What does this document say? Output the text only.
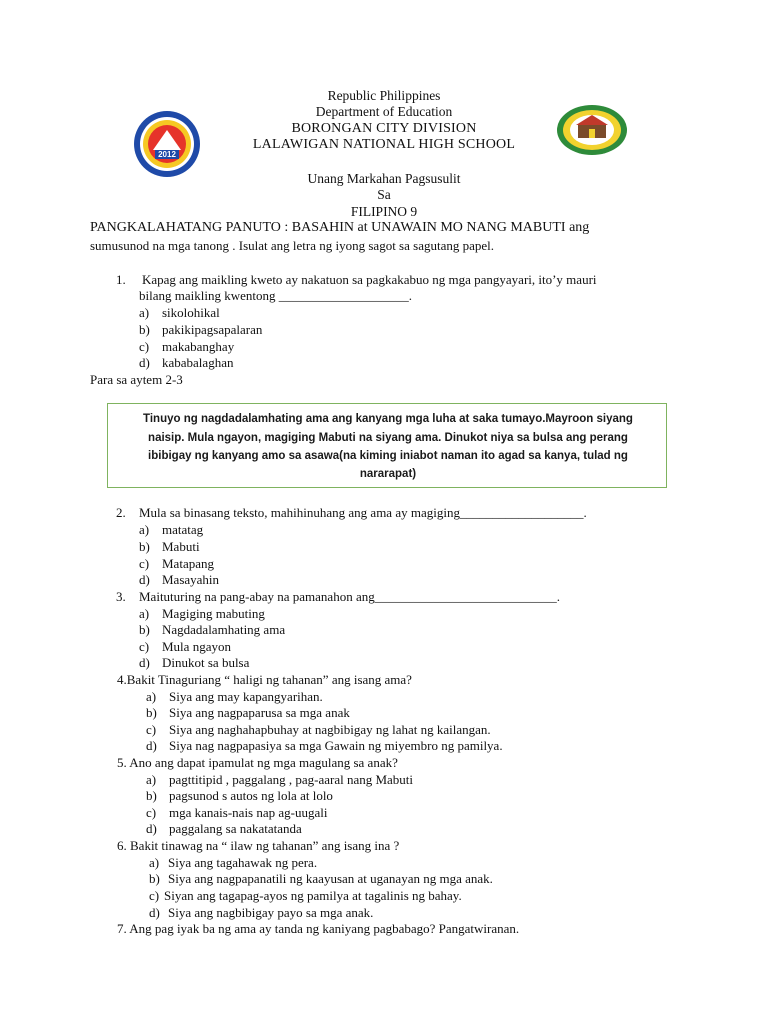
2012
Republic Philippines
Department of Education
BORONGAN CITY DIVISION
LALAWIGAN NATIONAL HIGH SCHOOL
Unang Markahan Pagsusulit
Sa
FILIPINO 9
PANGKALAHATANG PANUTO : BASAHIN at UNAWAIN MO NANG MABUTI ang
sumusunod na mga tanong . Isulat ang letra ng iyong sagot sa sagutang papel.
1. Kapag ang maikling kweto ay nakatuon sa pagkakabuo ng mga pangyayari, ito’y mauri
bilang maikling kwentong ____________________.
a) sikolohikal
b) pakikipagsapalaran
c) makabanghay
d) kababalaghan
Para sa aytem 2-3
Tinuyo ng nagdadalamhating ama ang kanyang mga luha at saka tumayo.Mayroon siyang
naisip. Mula ngayon, magiging Mabuti na siyang ama. Dinukot niya sa bulsa ang perang
ibibigay ng kanyang amo sa asawa(na kiming iniabot naman ito agad sa kanya, tulad ng
nararapat)
2. Mula sa binasang teksto, mahihinuhang ang ama ay magiging___________________.
a) matatag
b) Mabuti
c) Matapang
d) Masayahin
3. Maituturing na pang-abay na pamanahon ang____________________________.
a) Magiging mabuting
b) Nagdadalamhating ama
c) Mula ngayon
d) Dinukot sa bulsa
4.Bakit Tinaguriang “ haligi ng tahanan” ang isang ama?
a) Siya ang may kapangyarihan.
b) Siya ang nagpaparusa sa mga anak
c) Siya ang naghahapbuhay at nagbibigay ng lahat ng kailangan.
d) Siya nag nagpapasiya sa mga Gawain ng miyembro ng pamilya.
5. Ano ang dapat ipamulat ng mga magulang sa anak?
a) pagttitipid , paggalang , pag-aaral nang Mabuti
b) pagsunod s autos ng lola at lolo
c) mga kanais-nais nap ag-uugali
d) paggalang sa nakatatanda
6. Bakit tinawag na “ ilaw ng tahanan” ang isang ina ?
a) Siya ang tagahawak ng pera.
b) Siya ang nagpapanatili ng kaayusan at uganayan ng mga anak.
c) Siyan ang tagapag-ayos ng pamilya at tagalinis ng bahay.
d) Siya ang nagbibigay payo sa mga anak.
7. Ang pag iyak ba ng ama ay tanda ng kaniyang pagbabago? Pangatwiranan.
